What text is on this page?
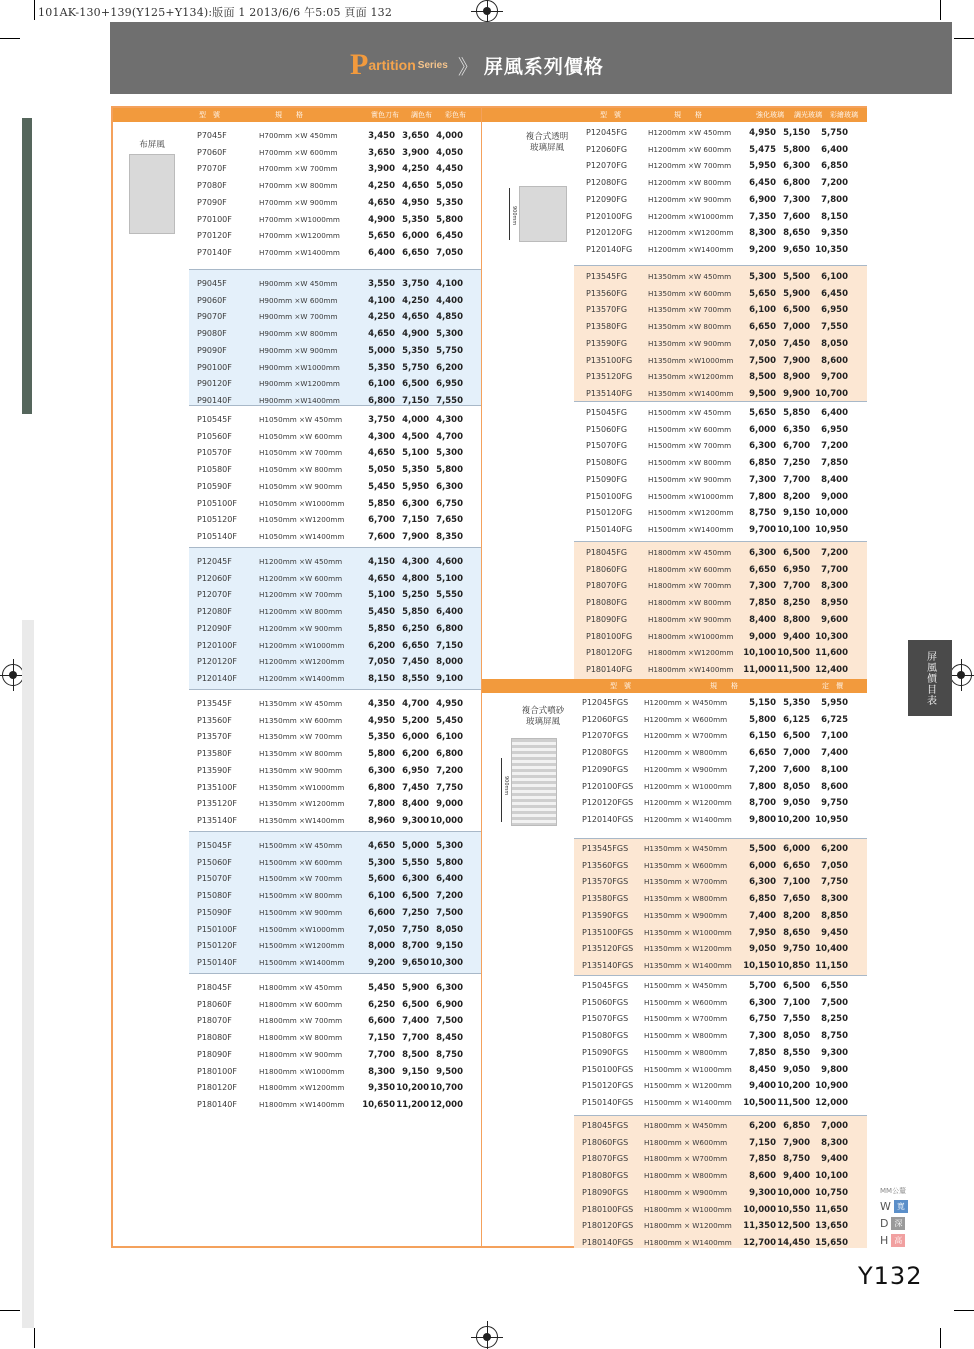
101AK-130+139(Y125+Y134):版面 1 2013/6/6 午5:05 頁面 132
P artition Series 》 屏風系列價格
型　號	規　　格	實色刀布 調色布 彩色布	型　號	規　　格	強化玻璃 調光玻璃 彩繪玻璃
型　號	規　　格	定　價
布屏風
複合式透明
玻璃屏風
900mm
複合式噴砂
玻璃屏風
900mm
P7045F	H700mm ×W 450mm	3,450 3,650 4,000
P7060F	H700mm ×W 600mm	3,650 3,900 4,050
P7070F	H700mm ×W 700mm	3,900 4,250 4,450
P7080F	H700mm ×W 800mm	4,250 4,650 5,050
P7090F	H700mm ×W 900mm	4,650 4,950 5,350
P70100F	H700mm ×W1000mm	4,900 5,350 5,800
P70120F	H700mm ×W1200mm	5,650 6,000 6,450
P70140F	H700mm ×W1400mm	6,400 6,650 7,050
P9045F	H900mm ×W 450mm	3,550 3,750 4,100
P9060F	H900mm ×W 600mm	4,100 4,250 4,400
P9070F	H900mm ×W 700mm	4,250 4,650 4,850
P9080F	H900mm ×W 800mm	4,650 4,900 5,300
P9090F	H900mm ×W 900mm	5,000 5,350 5,750
P90100F	H900mm ×W1000mm	5,350 5,750 6,200
P90120F	H900mm ×W1200mm	6,100 6,500 6,950
P90140F	H900mm ×W1400mm	6,800 7,150 7,550
P10545F	H1050mm ×W 450mm	3,750 4,000 4,300
P10560F	H1050mm ×W 600mm	4,300 4,500 4,700
P10570F	H1050mm ×W 700mm	4,650 5,100 5,300
P10580F	H1050mm ×W 800mm	5,050 5,350 5,800
P10590F	H1050mm ×W 900mm	5,450 5,950 6,300
P105100F	H1050mm ×W1000mm	5,850 6,300 6,750
P105120F	H1050mm ×W1200mm	6,700 7,150 7,650
P105140F	H1050mm ×W1400mm	7,600 7,900 8,350
P12045F	H1200mm ×W 450mm	4,150 4,300 4,600
P12060F	H1200mm ×W 600mm	4,650 4,800 5,100
P12070F	H1200mm ×W 700mm	5,100 5,250 5,550
P12080F	H1200mm ×W 800mm	5,450 5,850 6,400
P12090F	H1200mm ×W 900mm	5,850 6,250 6,800
P120100F	H1200mm ×W1000mm	6,200 6,650 7,150
P120120F	H1200mm ×W1200mm	7,050 7,450 8,000
P120140F	H1200mm ×W1400mm	8,150 8,550 9,100
P13545F	H1350mm ×W 450mm	4,350 4,700 4,950
P13560F	H1350mm ×W 600mm	4,950 5,200 5,450
P13570F	H1350mm ×W 700mm	5,350 6,000 6,100
P13580F	H1350mm ×W 800mm	5,800 6,200 6,800
P13590F	H1350mm ×W 900mm	6,300 6,950 7,200
P135100F	H1350mm ×W1000mm	6,800 7,450 7,750
P135120F	H1350mm ×W1200mm	7,800 8,400 9,000
P135140F	H1350mm ×W1400mm	8,960 9,300 10,000
P15045F	H1500mm ×W 450mm	4,650 5,000 5,300
P15060F	H1500mm ×W 600mm	5,300 5,550 5,800
P15070F	H1500mm ×W 700mm	5,600 6,300 6,400
P15080F	H1500mm ×W 800mm	6,100 6,500 7,200
P15090F	H1500mm ×W 900mm	6,600 7,250 7,500
P150100F	H1500mm ×W1000mm	7,050 7,750 8,050
P150120F	H1500mm ×W1200mm	8,000 8,700 9,150
P150140F	H1500mm ×W1400mm	9,200 9,650 10,300
P18045F	H1800mm ×W 450mm	5,450 5,900 6,300
P18060F	H1800mm ×W 600mm	6,250 6,500 6,900
P18070F	H1800mm ×W 700mm	6,600 7,400 7,500
P18080F	H1800mm ×W 800mm	7,150 7,700 8,450
P18090F	H1800mm ×W 900mm	7,700 8,500 8,750
P180100F	H1800mm ×W1000mm	8,300 9,150 9,500
P180120F	H1800mm ×W1200mm	9,350 10,200 10,700
P180140F	H1800mm ×W1400mm 10,650 11,200 12,000
P12045FG	H1200mm ×W 450mm	4,950 5,150	5,750
P12060FG	H1200mm ×W 600mm	5,475 5,800	6,400
P12070FG	H1200mm ×W 700mm	5,950 6,300	6,850
P12080FG	H1200mm ×W 800mm	6,450 6,800	7,200
P12090FG	H1200mm ×W 900mm	6,900 7,300	7,800
P120100FG H1200mm ×W1000mm	7,350 7,600	8,150
P120120FG H1200mm ×W1200mm	8,300 8,650	9,350
P120140FG H1200mm ×W1400mm	9,200 9,650 10,350
P13545FG	H1350mm ×W 450mm	5,300 5,500	6,100
P13560FG	H1350mm ×W 600mm	5,650 5,900	6,450
P13570FG	H1350mm ×W 700mm	6,100 6,500	6,950
P13580FG	H1350mm ×W 800mm	6,650 7,000	7,550
P13590FG	H1350mm ×W 900mm	7,050 7,450	8,050
P135100FG H1350mm ×W1000mm	7,500 7,900	8,600
P135120FG H1350mm ×W1200mm	8,500 8,900	9,700
P135140FG H1350mm ×W1400mm	9,500 9,900 10,700
P15045FG	H1500mm ×W 450mm	5,650 5,850	6,400
P15060FG	H1500mm ×W 600mm	6,000 6,350	6,950
P15070FG	H1500mm ×W 700mm	6,300 6,700	7,200
P15080FG	H1500mm ×W 800mm	6,850 7,250	7,850
P15090FG	H1500mm ×W 900mm	7,300 7,700	8,400
P150100FG H1500mm ×W1000mm	7,800 8,200	9,000
P150120FG H1500mm ×W1200mm	8,750 9,150 10,000
P150140FG H1500mm ×W1400mm	9,700 10,100 10,950
P18045FG	H1800mm ×W 450mm	6,300 6,500	7,200
P18060FG	H1800mm ×W 600mm	6,650 6,950	7,700
P18070FG	H1800mm ×W 700mm	7,300 7,700	8,300
P18080FG	H1800mm ×W 800mm	7,850 8,250	8,950
P18090FG	H1800mm ×W 900mm	8,400 8,800	9,600
P180100FG H1800mm ×W1000mm	9,000 9,400 10,300
P180120FG H1800mm ×W1200mm 10,100 10,500 11,600
P180140FG H1800mm ×W1400mm 11,000 11,500 12,400
P12045FGS H1200mm × W450mm	5,150 5,350	5,950
P12060FGS H1200mm × W600mm	5,800 6,125	6,725
P12070FGS H1200mm × W700mm	6,150 6,500	7,100
P12080FGS H1200mm × W800mm	6,650 7,000	7,400
P12090FGS H1200mm × W900mm	7,200 7,600	8,100
P120100FGS H1200mm × W1000mm	7,800 8,050	8,600
P120120FGS H1200mm × W1200mm	8,700 9,050	9,750
P120140FGS H1200mm × W1400mm	9,800 10,200 10,950
P13545FGS H1350mm × W450mm	5,500 6,000	6,200
P13560FGS H1350mm × W600mm	6,000 6,650	7,050
P13570FGS H1350mm × W700mm	6,300 7,100	7,750
P13580FGS H1350mm × W800mm	6,850 7,650	8,300
P13590FGS H1350mm × W900mm	7,400 8,200	8,850
P135100FGS H1350mm × W1000mm	7,950 8,650	9,450
P135120FGS H1350mm × W1200mm	9,050 9,750 10,400
P135140FGS H1350mm × W1400mm 10,150 10,850 11,150
P15045FGS H1500mm × W450mm	5,700 6,500	6,550
P15060FGS H1500mm × W600mm	6,300 7,100	7,500
P15070FGS H1500mm × W700mm	6,750 7,550	8,250
P15080FGS H1500mm × W800mm	7,300 8,050	8,750
P15090FGS H1500mm × W800mm	7,850 8,550	9,300
P150100FGS H1500mm × W1000mm	8,450 9,050	9,800
P150120FGS H1500mm × W1200mm	9,400 10,200 10,900
P150140FGS H1500mm × W1400mm 10,500 11,500 12,000
P18045FGS H1800mm × W450mm	6,200 6,850	7,000
P18060FGS H1800mm × W600mm	7,150 7,900	8,300
P18070FGS H1800mm × W700mm	7,850 8,750	9,400
P18080FGS H1800mm × W800mm	8,600 9,400 10,100
P18090FGS H1800mm × W900mm	9,300 10,000 10,750
P180100FGS H1800mm × W1000mm 10,000 10,550 11,650
P180120FGS H1800mm × W1200mm 11,350 12,500 13,650
P180140FGS H1800mm × W1400mm 12,700 14,450 15,650
屏風價目表
MM公釐
W 寬
D 深
H 高
Y132
